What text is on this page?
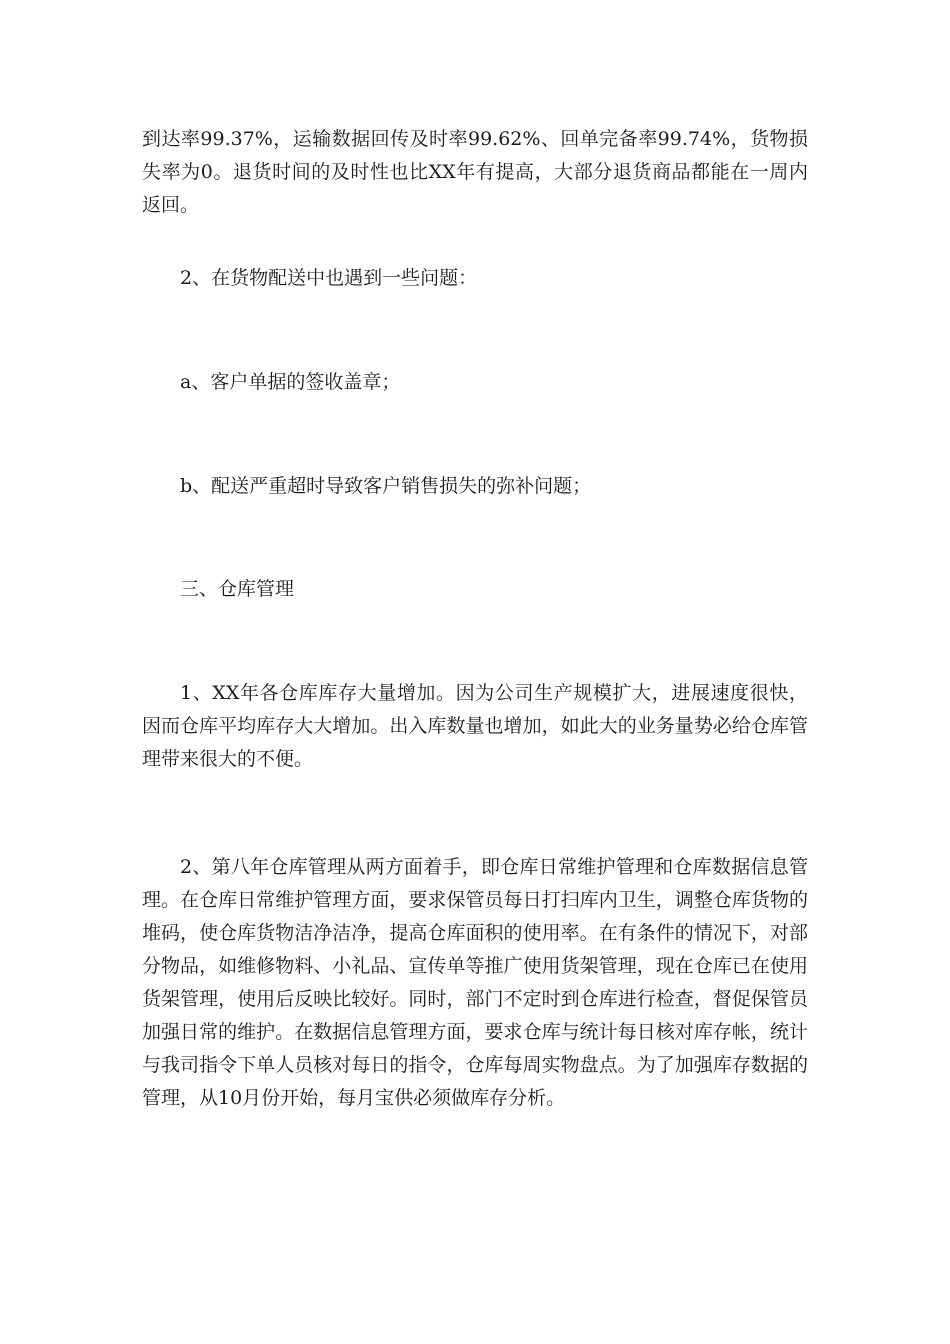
到达率99.37%，运输数据回传及时率99.62%、回单完备率99.74%，货物损失率为0。退货时间的及时性也比XX年有提高，大部分退货商品都能在一周内返回。

2、在货物配送中也遇到一些问题：

a、客户单据的签收盖章；

b、配送严重超时导致客户销售损失的弥补问题；

三、仓库管理

1、XX年各仓库库存大量增加。因为公司生产规模扩大，进展速度很快，因而仓库平均库存大大增加。出入库数量也增加，如此大的业务量势必给仓库管理带来很大的不便。

2、第八年仓库管理从两方面着手，即仓库日常维护管理和仓库数据信息管理。在仓库日常维护管理方面，要求保管员每日打扫库内卫生，调整仓库货物的堆码，使仓库货物洁净洁净，提高仓库面积的使用率。在有条件的情况下，对部分物品，如维修物料、小礼品、宣传单等推广使用货架管理，现在仓库已在使用货架管理，使用后反映比较好。同时，部门不定时到仓库进行检查，督促保管员加强日常的维护。在数据信息管理方面，要求仓库与统计每日核对库存帐，统计与我司指令下单人员核对每日的指令，仓库每周实物盘点。为了加强库存数据的管理，从10月份开始，每月宝供必须做库存分析。
